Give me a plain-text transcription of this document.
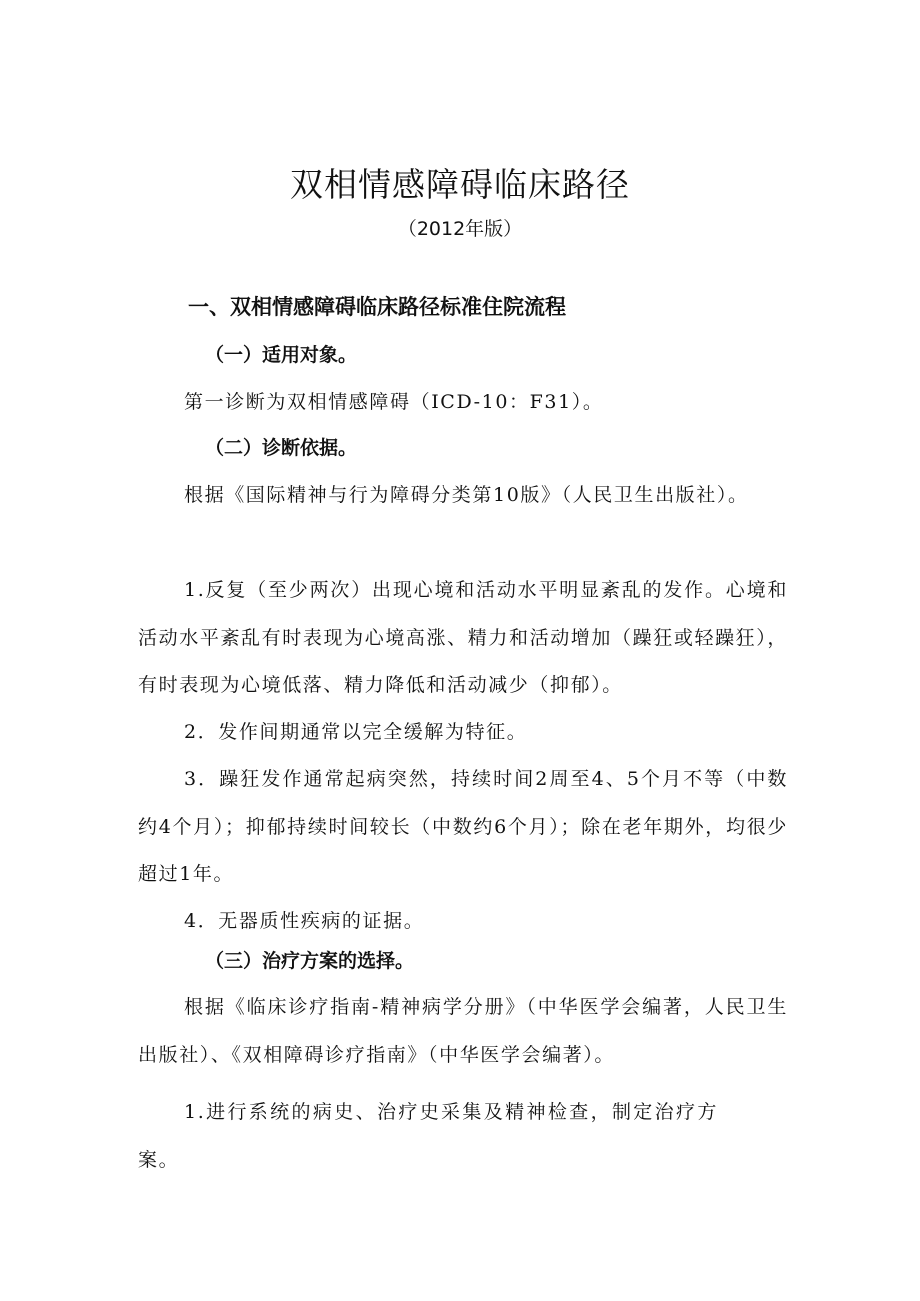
双相情感障碍临床路径

（2012年版）

一、双相情感障碍临床路径标准住院流程
（一）适用对象。

第一诊断为双相情感障碍（ICD-10：F31）。

（二）诊断依据。

根据《国际精神与行为障碍分类第10版》（人民卫生出版社）。

1.反复（至少两次）出现心境和活动水平明显紊乱的发作。心境和活动水平紊乱有时表现为心境高涨、精力和活动增加（躁狂或轻躁狂），有时表现为心境低落、精力降低和活动减少（抑郁）。

2．发作间期通常以完全缓解为特征。

3．躁狂发作通常起病突然，持续时间2周至4、5个月不等（中数约4个月）；抑郁持续时间较长（中数约6个月）；除在老年期外，均很少超过1年。

4．无器质性疾病的证据。

（三）治疗方案的选择。

根据《临床诊疗指南-精神病学分册》（中华医学会编著，人民卫生出版社）、《双相障碍诊疗指南》（中华医学会编著）。

1.进行系统的病史、治疗史采集及精神检查，制定治疗方案。
